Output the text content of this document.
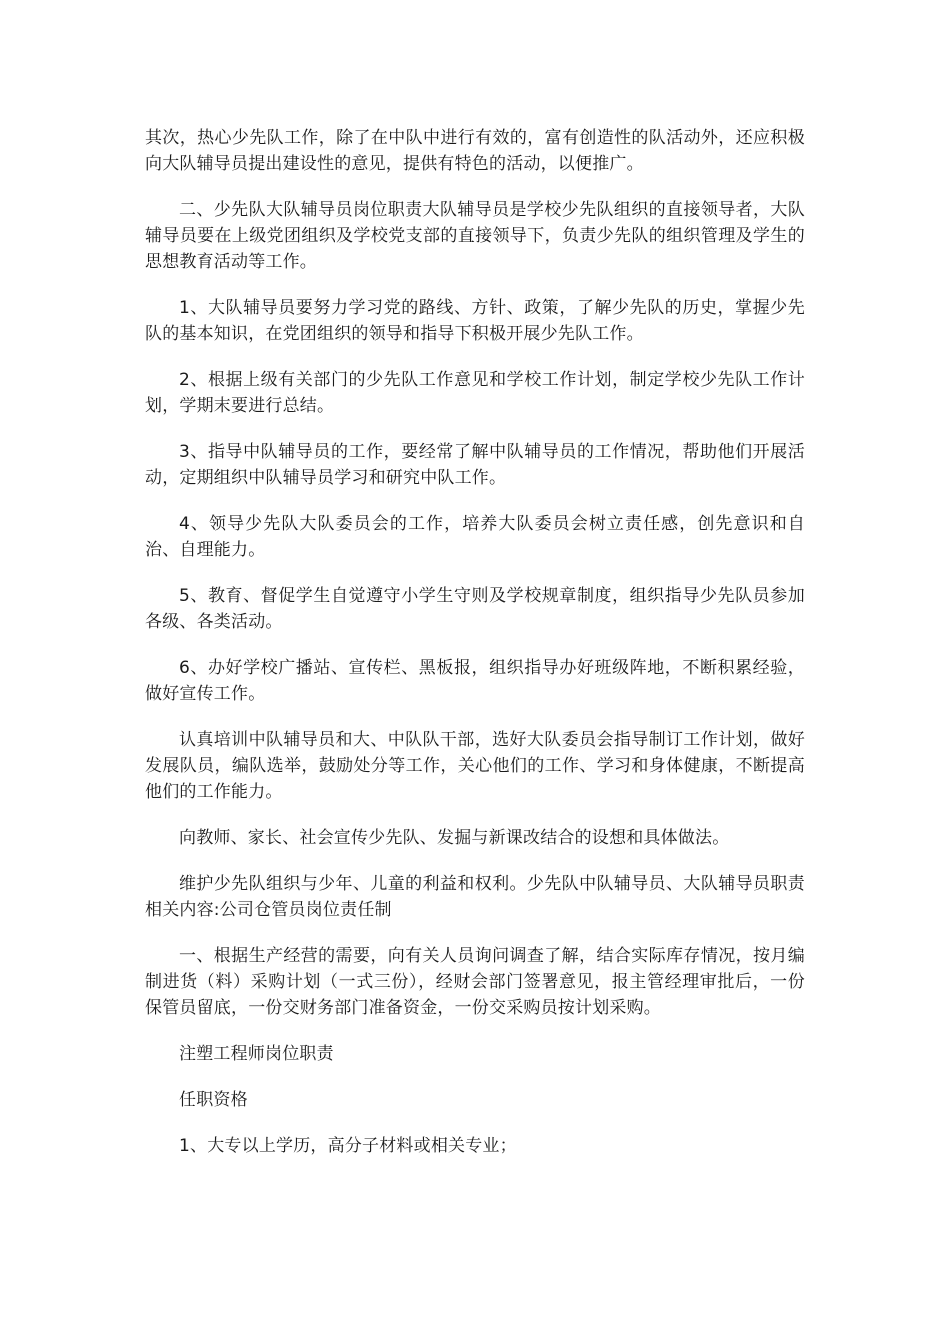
其次，热心少先队工作，除了在中队中进行有效的，富有创造性的队活动外，还应积极向大队辅导员提出建设性的意见，提供有特色的活动，以便推广。

二、少先队大队辅导员岗位职责大队辅导员是学校少先队组织的直接领导者，大队辅导员要在上级党团组织及学校党支部的直接领导下，负责少先队的组织管理及学生的思想教育活动等工作。

1、大队辅导员要努力学习党的路线、方针、政策，了解少先队的历史，掌握少先队的基本知识，在党团组织的领导和指导下积极开展少先队工作。

2、根据上级有关部门的少先队工作意见和学校工作计划，制定学校少先队工作计划，学期末要进行总结。

3、指导中队辅导员的工作，要经常了解中队辅导员的工作情况，帮助他们开展活动，定期组织中队辅导员学习和研究中队工作。

4、领导少先队大队委员会的工作，培养大队委员会树立责任感，创先意识和自治、自理能力。

5、教育、督促学生自觉遵守小学生守则及学校规章制度，组织指导少先队员参加各级、各类活动。

6、办好学校广播站、宣传栏、黑板报，组织指导办好班级阵地，不断积累经验，做好宣传工作。

认真培训中队辅导员和大、中队队干部，选好大队委员会指导制订工作计划，做好发展队员，编队选举，鼓励处分等工作，关心他们的工作、学习和身体健康，不断提高他们的工作能力。

向教师、家长、社会宣传少先队、发掘与新课改结合的设想和具体做法。

维护少先队组织与少年、儿童的利益和权利。少先队中队辅导员、大队辅导员职责 相关内容:公司仓管员岗位责任制

一、根据生产经营的需要，向有关人员询问调查了解，结合实际库存情况，按月编制进货（料）采购计划（一式三份），经财会部门签署意见，报主管经理审批后，一份保管员留底，一份交财务部门准备资金，一份交采购员按计划采购。

注塑工程师岗位职责

任职资格

1、大专以上学历，高分子材料或相关专业；
